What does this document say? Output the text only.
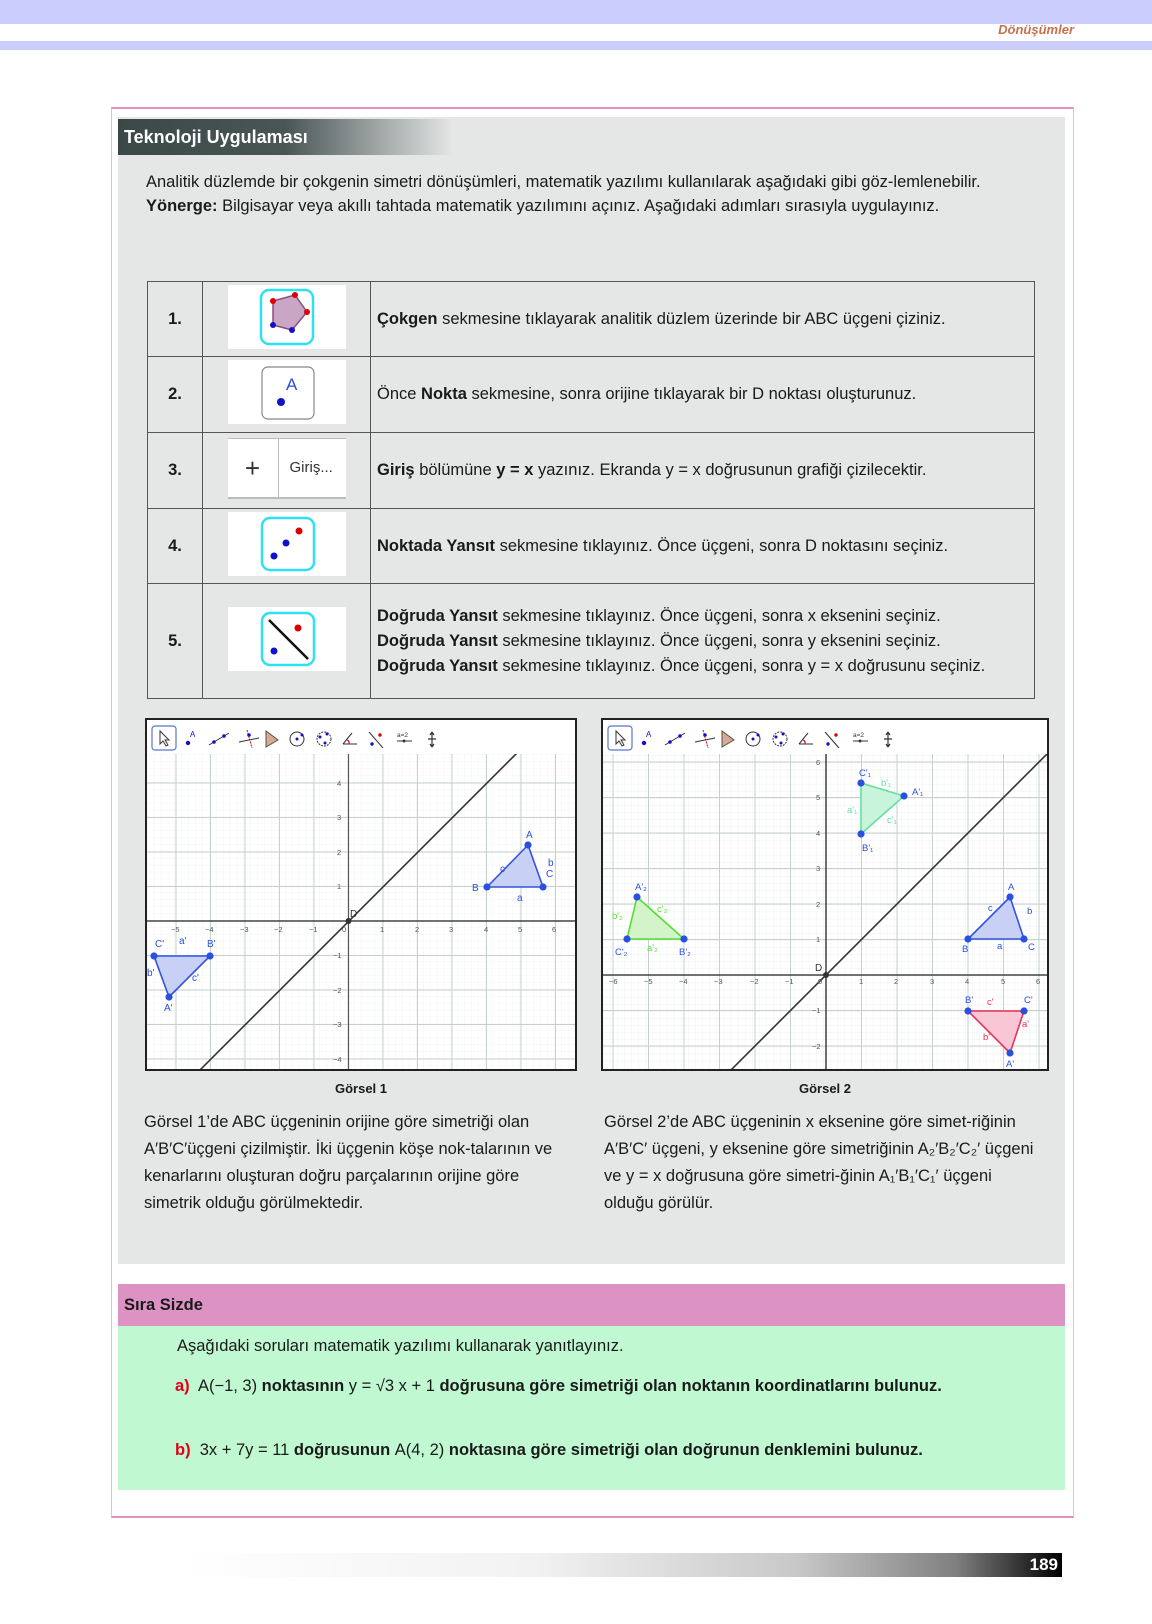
Dönüşümler
Teknoloji Uygulaması
Analitik düzlemde bir çokgenin simetri dönüşümleri, matematik yazılımı kullanılarak aşağıdaki gibi göz-lemlenebilir.
Yönerge: Bilgisayar veya akıllı tahtada matematik yazılımını açınız. Aşağıdaki adımları sırasıyla uygulayınız.
1.		Çokgen sekmesine tıklayarak analitik düzlem üzerinde bir ABC üçgeni çiziniz.
2.	A	Önce Nokta sekmesine, sonra orijine tıklayarak bir D noktası oluşturunuz.
3.	+ Giriş...	Giriş bölümüne y = x yazınız. Ekranda y = x doğrusunun grafiği çizilecektir.
4.		Noktada Yansıt sekmesine tıklayınız. Önce üçgeni, sonra D noktasını seçiniz.
5.		Doğruda Yansıt sekmesine tıklayınız. Önce üçgeni, sonra x eksenini seçiniz.
Doğruda Yansıt sekmesine tıklayınız. Önce üçgeni, sonra y eksenini seçiniz.
Doğruda Yansıt sekmesine tıklayınız. Önce üçgeni, sonra y = x doğrusunu seçiniz.
−5	−4	−3	−2	−1	0	1	2	3	4	5	6
4
3
2
1
−1
−2
−3
−4
D
A
B
C
c
b
a
A'
B'
C' a'
b'	c'
A	a=2
Görsel 1
Görsel 1’de ABC üçgeninin orijine göre simetriği olan A′B′C′üçgeni çizilmiştir. İki üçgenin köşe nok-talarının ve kenarlarını oluşturan doğru parçalarının orijine göre simetrik olduğu görülmektedir.
−6	−5	−4	−3	−2	−1	0	1	2	3	4	5	6
6
5
4
3
2
1
−1
−2
D
A
B	C
c	b
a
A'
B'	C'
c'
b'
a'
A'₂
B'₂
C'₂
c'₂
b'₂
a'₂
A'₁
B'₁
C'₁
b'₁
a'₁
c'₁
A	a=2
Görsel 2
Görsel 2’de ABC üçgeninin x eksenine göre simet-riğinin A′B′C′ üçgeni, y eksenine göre simetriğinin A₂′B₂′C₂′ üçgeni ve y = x doğrusuna göre simetri-ğinin A₁′B₁′C₁′ üçgeni olduğu görülür.
Sıra Sizde
Aşağıdaki soruları matematik yazılımı kullanarak yanıtlayınız.
a) A(−1, 3) noktasının y = √3 x + 1 doğrusuna göre simetriği olan noktanın koordinatlarını bulunuz.
b) 3x + 7y = 11 doğrusunun A(4, 2) noktasına göre simetriği olan doğrunun denklemini bulunuz.
189
